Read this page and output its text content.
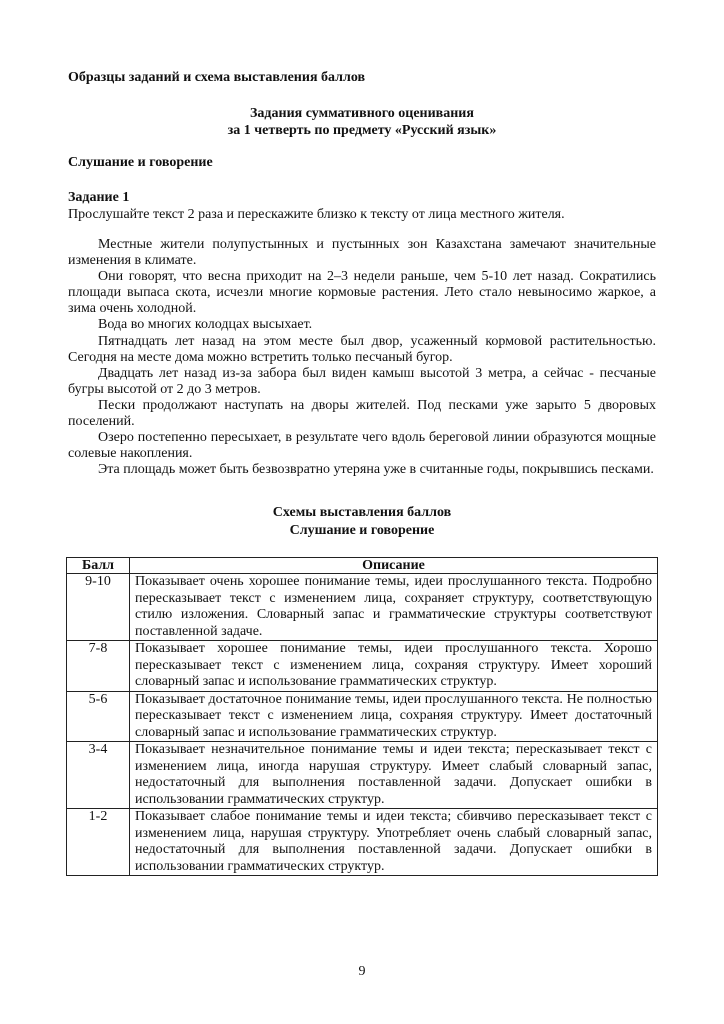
Образцы заданий и схема выставления баллов
Задания суммативного оценивания
за 1 четверть по предмету «Русский язык»
Слушание и говорение
Задание 1
Прослушайте текст 2 раза и перескажите близко к тексту от лица местного жителя.

Местные жители полупустынных и пустынных зон Казахстана замечают значительные изменения в климате.

Они говорят, что весна приходит на 2–3 недели раньше, чем 5-10 лет назад. Сократились площади выпаса скота, исчезли многие кормовые растения. Лето стало невыносимо жаркое, а зима очень холодной.

Вода во многих колодцах высыхает.

Пятнадцать лет назад на этом месте был двор, усаженный кормовой растительностью. Сегодня на месте дома можно встретить только песчаный бугор.

Двадцать лет назад из-за забора был виден камыш высотой 3 метра, а сейчас - песчаные бугры высотой от 2 до 3 метров.

Пески продолжают наступать на дворы жителей. Под песками уже зарыто 5 дворовых поселений.

Озеро постепенно пересыхает, в результате чего вдоль береговой линии образуются мощные солевые накопления.

Эта площадь может быть безвозвратно утеряна уже в считанные годы, покрывшись песками.

Схемы выставления баллов
Слушание и говорение
Балл	Описание
9-10	Показывает очень хорошее понимание темы, идеи прослушанного текста. Подробно пересказывает текст с изменением лица, сохраняет структуру, соответствующую стилю изложения. Словарный запас и грамматические структуры соответствуют поставленной задаче.
7-8	Показывает хорошее понимание темы, идеи прослушанного текста. Хорошо пересказывает текст с изменением лица, сохраняя структуру. Имеет хороший словарный запас и использование грамматических структур.
5-6	Показывает достаточное понимание темы, идеи прослушанного текста. Не полностью пересказывает текст с изменением лица, сохраняя структуру. Имеет достаточный словарный запас и использование грамматических структур.
3-4	Показывает незначительное понимание темы и идеи текста; пересказывает текст с изменением лица, иногда нарушая структуру. Имеет слабый словарный запас, недостаточный для выполнения поставленной задачи. Допускает ошибки в использовании грамматических структур.
1-2	Показывает слабое понимание темы и идеи текста; сбивчиво пересказывает текст с изменением лица, нарушая структуру. Употребляет очень слабый словарный запас, недостаточный для выполнения поставленной задачи. Допускает ошибки в использовании грамматических структур.
9
